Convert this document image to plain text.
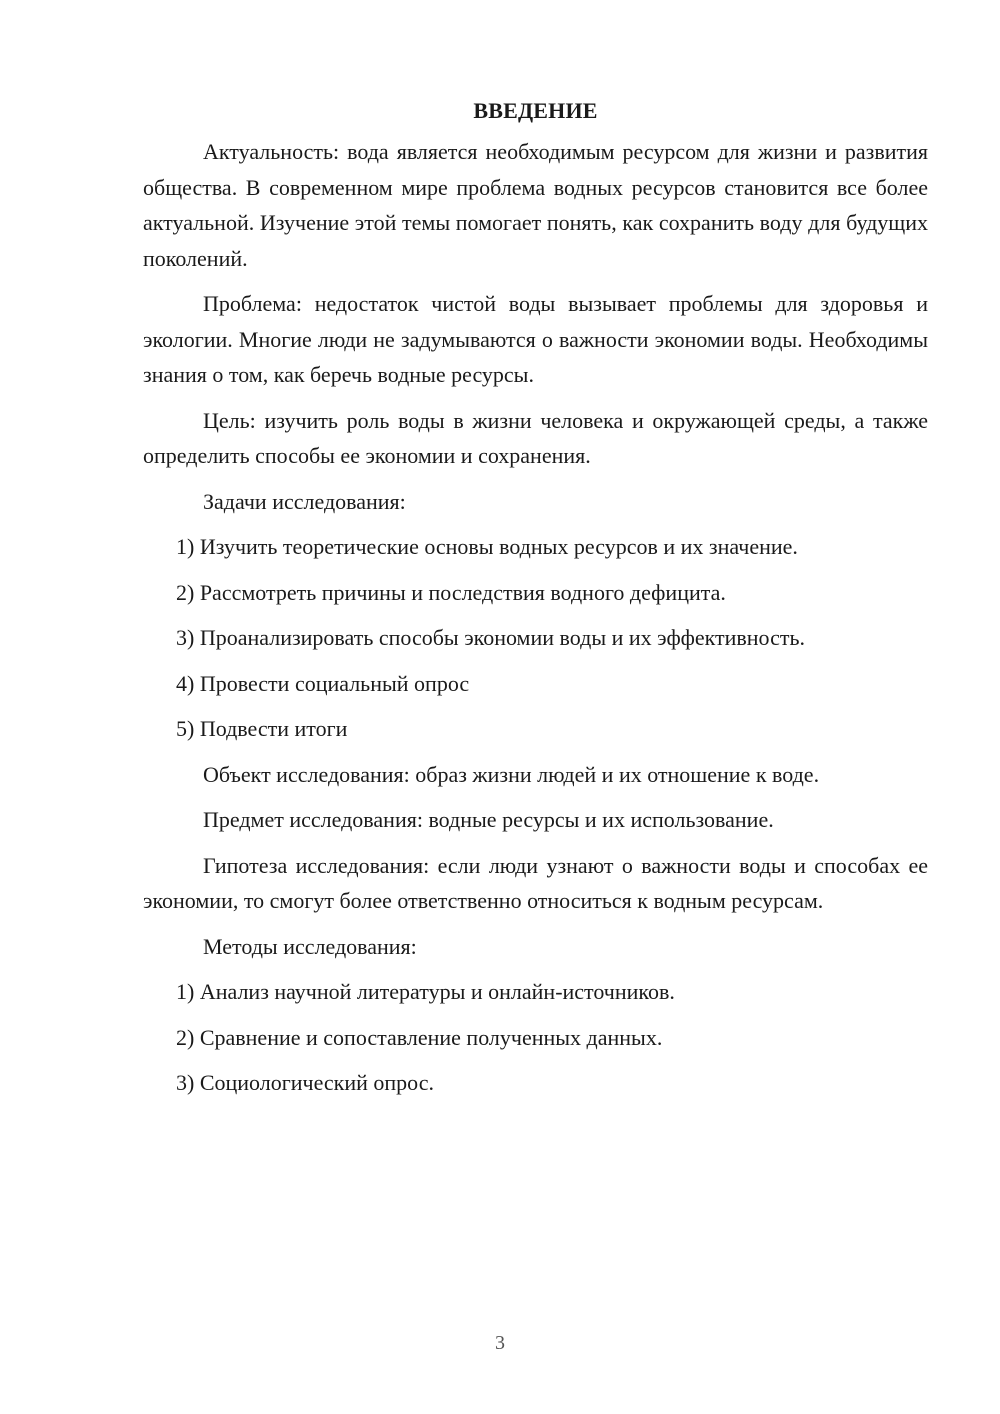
ВВЕДЕНИЕ

Актуальность: вода является необходимым ресурсом для жизни и развития общества. В современном мире проблема водных ресурсов становится все более актуальной. Изучение этой темы помогает понять, как сохранить воду для будущих поколений.

Проблема: недостаток чистой воды вызывает проблемы для здоровья и экологии. Многие люди не задумываются о важности экономии воды. Необходимы знания о том, как беречь водные ресурсы.

Цель: изучить роль воды в жизни человека и окружающей среды, а также определить способы ее экономии и сохранения.

Задачи исследования:
1) Изучить теоретические основы водных ресурсов и их значение.
2) Рассмотреть причины и последствия водного дефицита.
3) Проанализировать способы экономии воды и их эффективность.
4) Провести социальный опрос
5) Подвести итоги
Объект исследования: образ жизни людей и их отношение к воде.
Предмет исследования: водные ресурсы и их использование.

Гипотеза исследования: если люди узнают о важности воды и способах ее экономии, то смогут более ответственно относиться к водным ресурсам.

Методы исследования:
1) Анализ научной литературы и онлайн-источников.
2) Сравнение и сопоставление полученных данных.
3) Социологический опрос.
3
